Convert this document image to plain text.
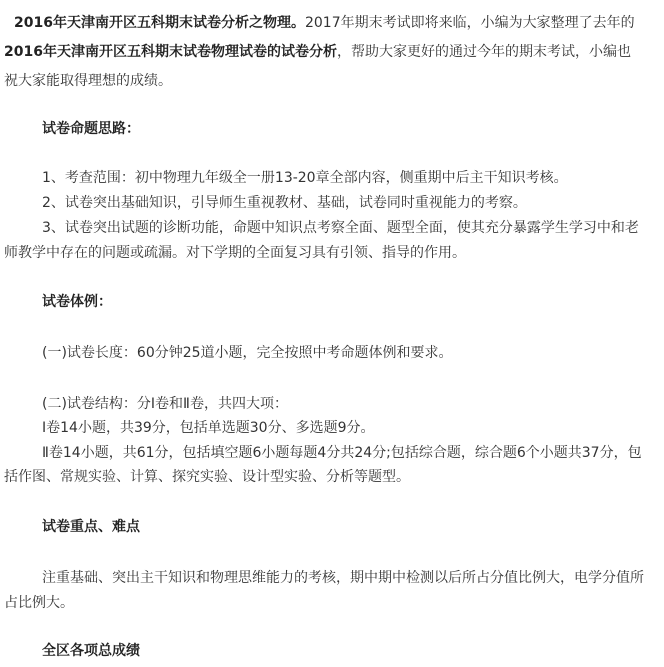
2016年天津南开区五科期末试卷分析之物理。2017年期末考试即将来临，小编为大家整理了去年的
2016年天津南开区五科期末试卷物理试卷的试卷分析，帮助大家更好的通过今年的期末考试，小编也
祝大家能取得理想的成绩。
试卷命题思路：
1、考查范围：初中物理九年级全一册13-20章全部内容，侧重期中后主干知识考核。
2、试卷突出基础知识，引导师生重视教材、基础，试卷同时重视能力的考察。
3、试卷突出试题的诊断功能，命题中知识点考察全面、题型全面，使其充分暴露学生学习中和老
师教学中存在的问题或疏漏。对下学期的全面复习具有引领、指导的作用。
试卷体例：
(一)试卷长度：60分钟25道小题，完全按照中考命题体例和要求。
(二)试卷结构：分Ⅰ卷和Ⅱ卷，共四大项：
Ⅰ卷14小题，共39分，包括单选题30分、多选题9分。
Ⅱ卷14小题，共61分，包括填空题6小题每题4分共24分;包括综合题，综合题6个小题共37分，包
括作图、常规实验、计算、探究实验、设计型实验、分析等题型。
试卷重点、难点
注重基础、突出主干知识和物理思维能力的考核，期中期中检测以后所占分值比例大，电学分值所
占比例大。
全区各项总成绩
